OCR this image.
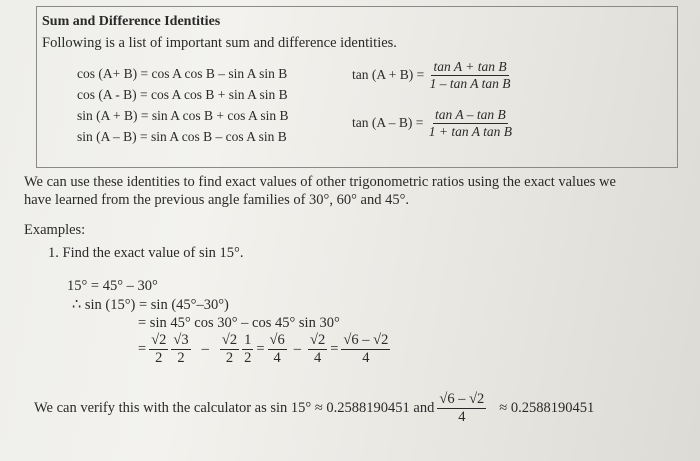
Sum and Difference Identities
Following is a list of important sum and difference identities.
cos (A+ B) = cos A cos B – sin A sin B
cos (A - B) = cos A cos B + sin A sin B
sin (A + B) = sin A cos B + cos A sin B
sin (A – B) = sin A cos B – cos A sin B
$\tan (A + B) = \frac{\text{tan A + tan B}}{\text{1 – tan A tan B}}$
$\tan (A - B) = \frac{\text{tan A – tan B}}{\text{1 + tan A tan B}}$
We can use these identities to find exact values of other trigonometric ratios using the exact values we
have learned from the previous angle families of 30°, 60° and 45°.
Examples:
1. Find the exact value of sin 15°.
15° = 45° – 30°
∴ sin (15°) = sin (45°–30°)
= sin 45° cos 30° – cos 45° sin 30°
= $\frac{√2}{2} \frac{√3}{2} - \frac{√2}{2} \frac{1}{2} = \frac{√6}{4} - \frac{√2}{4} = \frac{√6 - √2}{4}$
We can verify this with the calculator as sin 15° ≈ 0.2588190451 and $\frac{√6 - √2}{4} \approx 0.2588190451$
